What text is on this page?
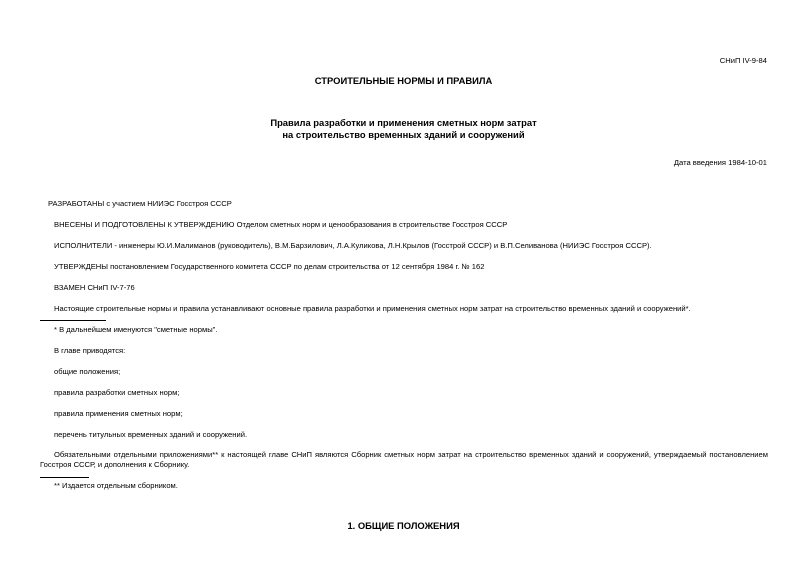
СНиП IV-9-84
СТРОИТЕЛЬНЫЕ НОРМЫ И ПРАВИЛА
Правила разработки и применения сметных норм затрат
на строительство временных зданий и сооружений
Дата введения 1984-10-01
РАЗРАБОТАНЫ с участием НИИЭС Госстроя СССР
ВНЕСЕНЫ И ПОДГОТОВЛЕНЫ К УТВЕРЖДЕНИЮ Отделом сметных норм и ценообразования в строительстве Госстроя СССР
ИСПОЛНИТЕЛИ - инженеры Ю.И.Малиманов (руководитель), В.М.Барзилович, Л.А.Куликова, Л.Н.Крылов (Госстрой СССР) и В.П.Селиванова (НИИЭС Госстроя СССР).
УТВЕРЖДЕНЫ постановлением Государственного комитета СССР по делам строительства от 12 сентября 1984 г. № 162
ВЗАМЕН СНиП IV-7-76
Настоящие строительные нормы и правила устанавливают основные правила разработки и применения сметных норм затрат на строительство временных зданий и сооружений*.
* В дальнейшем именуются "сметные нормы".
В главе приводятся:
общие положения;
правила разработки сметных норм;
правила применения сметных норм;
перечень титульных временных зданий и сооружений.
Обязательными отдельными приложениями** к настоящей главе СНиП являются Сборник сметных норм затрат на строительство временных зданий и сооружений, утверждаемый постановлением Госстроя СССР, и дополнения к Сборнику.
** Издается отдельным сборником.
1. ОБЩИЕ ПОЛОЖЕНИЯ
